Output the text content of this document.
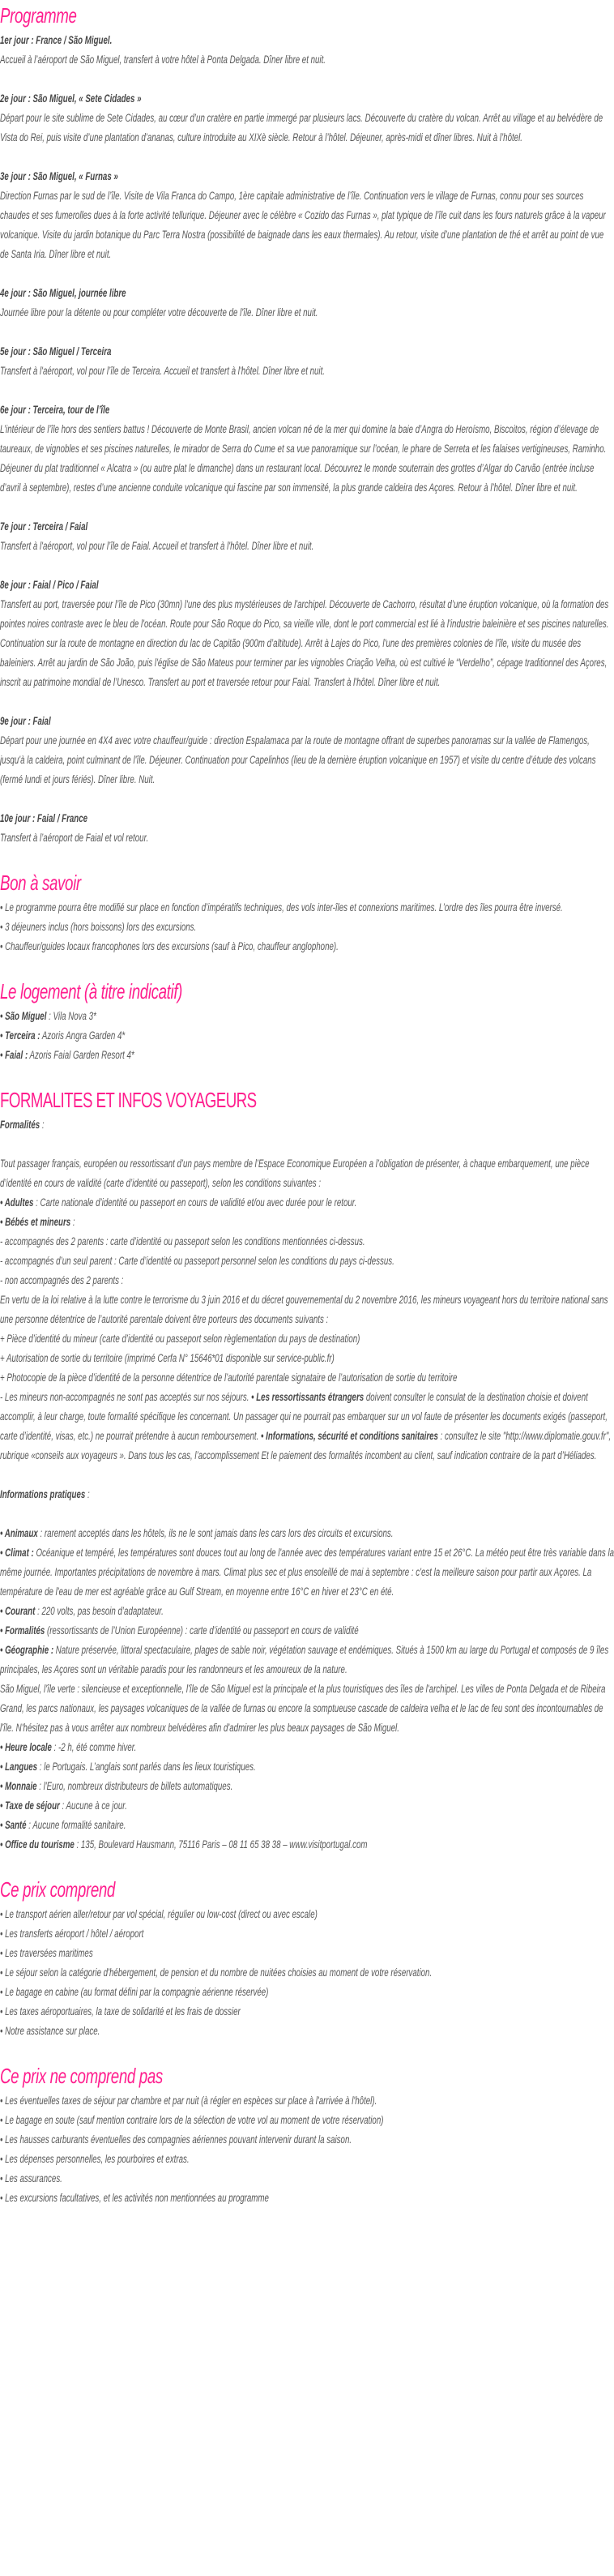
Programme
1er jour : France / São Miguel.
Accueil à l’aéroport de São Miguel, transfert à votre hôtel à Ponta Delgada. Dîner libre et nuit.
2e jour : São Miguel, « Sete Cidades »
Départ pour le site sublime de Sete Cidades, au cœur d’un cratère en partie immergé par plusieurs lacs. Découverte du cratère du volcan. Arrêt au village et au belvédère de Vista do Rei, puis visite d’une plantation d’ananas, culture introduite au XIXè siècle. Retour à l’hôtel. Déjeuner, après-midi et dîner libres. Nuit à l’hôtel.
3e jour : São Miguel, « Furnas »
Direction Furnas par le sud de l’île. Visite de Vila Franca do Campo, 1ère capitale administrative de l’île. Continuation vers le village de Furnas, connu pour ses sources chaudes et ses fumerolles dues à la forte activité tellurique. Déjeuner avec le célèbre « Cozido das Furnas », plat typique de l’île cuit dans les fours naturels grâce à la vapeur volcanique. Visite du jardin botanique du Parc Terra Nostra (possibilité de baignade dans les eaux thermales). Au retour, visite d’une plantation de thé et arrêt au point de vue de Santa Iria. Dîner libre et nuit.
4e jour : São Miguel, journée libre
Journée libre pour la détente ou pour compléter votre découverte de l'île. Dîner libre et nuit.
5e jour : São Miguel / Terceira
Transfert à l'aéroport, vol pour l’île de Terceira. Accueil et transfert à l'hôtel. Dîner libre et nuit.
6e jour : Terceira, tour de l’île
L’intérieur de l’île hors des sentiers battus ! Découverte de Monte Brasil, ancien volcan né de la mer qui domine la baie d’Angra do Heroísmo, Biscoitos, région d’élevage de taureaux, de vignobles et ses piscines naturelles, le mirador de Serra do Cume et sa vue panoramique sur l’océan, le phare de Serreta et les falaises vertigineuses, Raminho. Déjeuner du plat traditionnel « Alcatra » (ou autre plat le dimanche) dans un restaurant local. Découvrez le monde souterrain des grottes d’Algar do Carvão (entrée incluse d’avril à septembre), restes d’une ancienne conduite volcanique qui fascine par son immensité, la plus grande caldeira des Açores. Retour à l’hôtel. Dîner libre et nuit.
7e jour : Terceira / Faial
Transfert à l'aéroport, vol pour l’île de Faial. Accueil et transfert à l'hôtel. Dîner libre et nuit.
8e jour : Faial / Pico / Faial
Transfert au port, traversée pour l’île de Pico (30mn) l'une des plus mystérieuses de l'archipel. Découverte de Cachorro, résultat d’une éruption volcanique, où la formation des pointes noires contraste avec le bleu de l'océan. Route pour São Roque do Pico, sa vieille ville, dont le port commercial est lié à l'industrie baleinière et ses piscines naturelles. Continuation sur la route de montagne en direction du lac de Capitão (900m d’altitude). Arrêt à Lajes do Pico, l'une des premières colonies de l'île, visite du musée des baleiniers. Arrêt au jardin de São João, puis l'église de São Mateus pour terminer par les vignobles Criação Velha, où est cultivé le “Verdelho”, cépage traditionnel des Açores, inscrit au patrimoine mondial de l’Unesco. Transfert au port et traversée retour pour Faial. Transfert à l'hôtel. Dîner libre et nuit.
9e jour : Faial
Départ pour une journée en 4X4 avec votre chauffeur/guide : direction Espalamaca par la route de montagne offrant de superbes panoramas sur la vallée de Flamengos, jusqu'à la caldeira, point culminant de l'île. Déjeuner. Continuation pour Capelinhos (lieu de la dernière éruption volcanique en 1957) et visite du centre d’étude des volcans (fermé lundi et jours fériés). Dîner libre. Nuit.
10e jour : Faial / France
Transfert à l’aéroport de Faial et vol retour.
Bon à savoir
• Le programme pourra être modifié sur place en fonction d’impératifs techniques, des vols inter-îles et connexions maritimes. L’ordre des îles pourra être inversé.
• 3 déjeuners inclus (hors boissons) lors des excursions.
• Chauffeur/guides locaux francophones lors des excursions (sauf à Pico, chauffeur anglophone).
Le logement (à titre indicatif)
• São Miguel : Vila Nova 3*
• Terceira : Azoris Angra Garden 4*
• Faial : Azoris Faial Garden Resort 4*
FORMALITES ET INFOS VOYAGEURS
Formalités :
Tout passager français, européen ou ressortissant d’un pays membre de l’Espace Economique Européen a l’obligation de présenter, à chaque embarquement, une pièce d’identité en cours de validité (carte d’identité ou passeport), selon les conditions suivantes :
• Adultes : Carte nationale d’identité ou passeport en cours de validité et/ou avec durée pour le retour.
• Bébés et mineurs :
- accompagnés des 2 parents : carte d’identité ou passeport selon les conditions mentionnées ci-dessus.
- accompagnés d’un seul parent : Carte d’identité ou passeport personnel selon les conditions du pays ci-dessus.
- non accompagnés des 2 parents :
En vertu de la loi relative à la lutte contre le terrorisme du 3 juin 2016 et du décret gouvernemental du 2 novembre 2016, les mineurs voyageant hors du territoire national sans une personne détentrice de l’autorité parentale doivent être porteurs des documents suivants :
+ Pièce d’identité du mineur (carte d’identité ou passeport selon règlementation du pays de destination)
+ Autorisation de sortie du territoire (imprimé Cerfa N° 15646*01 disponible sur service-public.fr)
+ Photocopie de la pièce d’identité de la personne détentrice de l’autorité parentale signataire de l’autorisation de sortie du territoire
- Les mineurs non-accompagnés ne sont pas acceptés sur nos séjours. • Les ressortissants étrangers doivent consulter le consulat de la destination choisie et doivent accomplir, à leur charge, toute formalité spécifique les concernant. Un passager qui ne pourrait pas embarquer sur un vol faute de présenter les documents exigés (passeport, carte d’identité, visas, etc.) ne pourrait prétendre à aucun remboursement. • Informations, sécurité et conditions sanitaires : consultez le site "http://www.diplomatie.gouv.fr", rubrique «conseils aux voyageurs ». Dans tous les cas, l’accomplissement Et le paiement des formalités incombent au client, sauf indication contraire de la part d’Héliades.
Informations pratiques :
• Animaux : rarement acceptés dans les hôtels, ils ne le sont jamais dans les cars lors des circuits et excursions.
• Climat : Océanique et tempéré, les températures sont douces tout au long de l'année avec des températures variant entre 15 et 26°C. La météo peut être très variable dans la même journée. Importantes précipitations de novembre à mars. Climat plus sec et plus ensoleillé de mai à septembre : c'est la meilleure saison pour partir aux Açores. La température de l'eau de mer est agréable grâce au Gulf Stream, en moyenne entre 16°C en hiver et 23°C en été.
• Courant : 220 volts, pas besoin d’adaptateur.
• Formalités (ressortissants de l’Union Européenne) : carte d’identité ou passeport en cours de validité
• Géographie : Nature préservée, littoral spectaculaire, plages de sable noir, végétation sauvage et endémiques. Situés à 1500 km au large du Portugal et composés de 9 îles principales, les Açores sont un véritable paradis pour les randonneurs et les amoureux de la nature.
São Miguel, l'île verte : silencieuse et exceptionnelle, l'île de São Miguel est la principale et la plus touristiques des îles de l'archipel. Les villes de Ponta Delgada et de Ribeira Grand, les parcs nationaux, les paysages volcaniques de la vallée de furnas ou encore la somptueuse cascade de caldeira velha et le lac de feu sont des incontournables de l'île. N'hésitez pas à vous arrêter aux nombreux belvédères afin d'admirer les plus beaux paysages de São Miguel.
• Heure locale : -2 h, été comme hiver.
• Langues : le Portugais. L’anglais sont parlés dans les lieux touristiques.
• Monnaie : l'Euro, nombreux distributeurs de billets automatiques.
• Taxe de séjour : Aucune à ce jour.
• Santé : Aucune formalité sanitaire.
• Office du tourisme : 135, Boulevard Hausmann, 75116 Paris – 08 11 65 38 38 – www.visitportugal.com
Ce prix comprend
• Le transport aérien aller/retour par vol spécial, régulier ou low-cost (direct ou avec escale)
• Les transferts aéroport / hôtel / aéroport
• Les traversées maritimes
• Le séjour selon la catégorie d'hébergement, de pension et du nombre de nuitées choisies au moment de votre réservation.
• Le bagage en cabine (au format défini par la compagnie aérienne réservée)
• Les taxes aéroportuaires, la taxe de solidarité et les frais de dossier
• Notre assistance sur place.
Ce prix ne comprend pas
• Les éventuelles taxes de séjour par chambre et par nuit (à régler en espèces sur place à l'arrivée à l'hôtel).
• Le bagage en soute (sauf mention contraire lors de la sélection de votre vol au moment de votre réservation)
• Les hausses carburants éventuelles des compagnies aériennes pouvant intervenir durant la saison.
• Les dépenses personnelles, les pourboires et extras.
• Les assurances.
• Les excursions facultatives, et les activités non mentionnées au programme
